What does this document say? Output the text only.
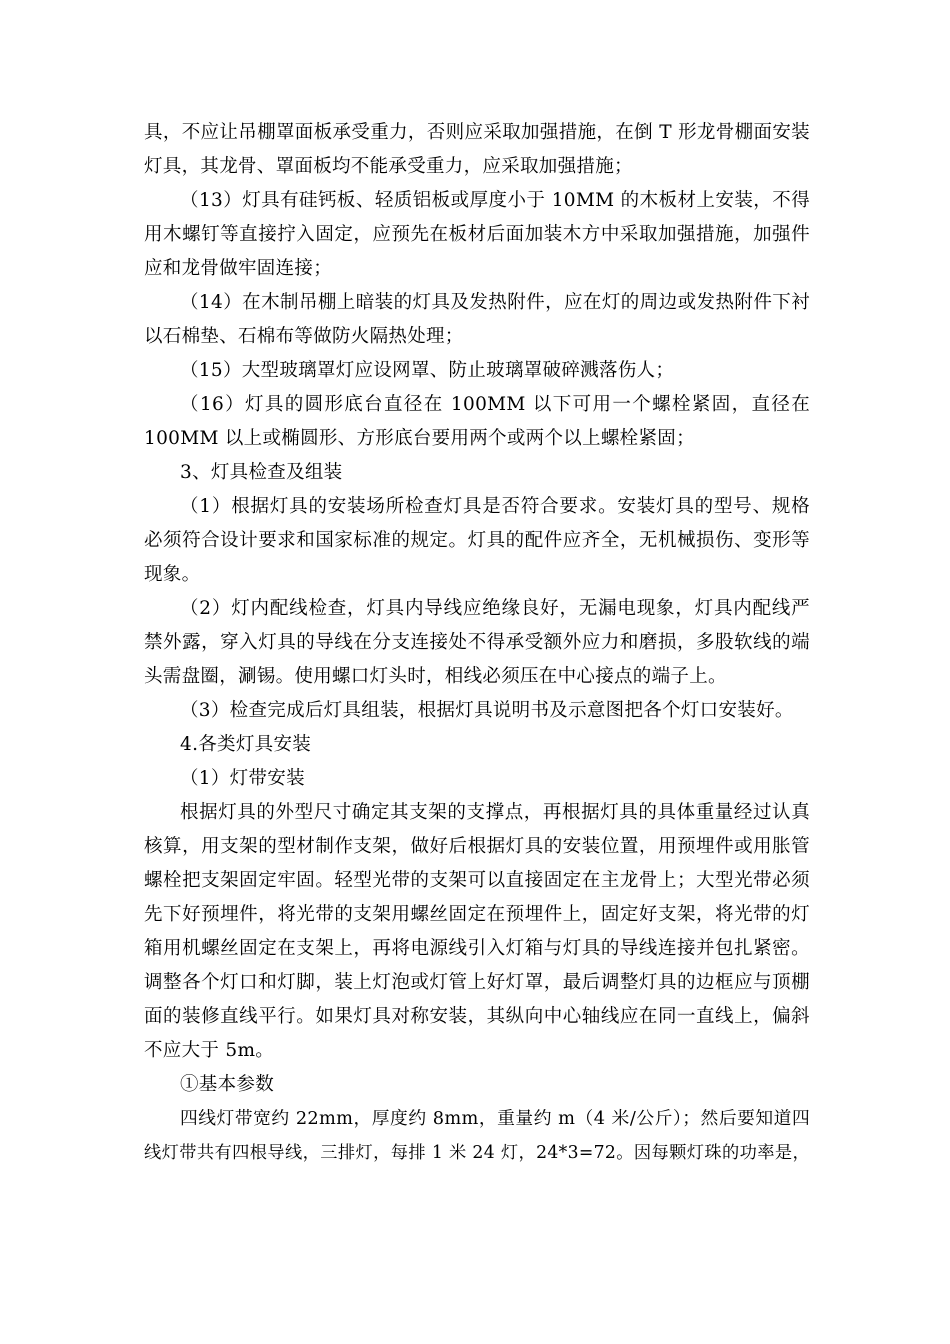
具，不应让吊棚罩面板承受重力，否则应采取加强措施，在倒 T 形龙骨棚面安装
灯具，其龙骨、罩面板均不能承受重力，应采取加强措施；
（13）灯具有硅钙板、轻质铝板或厚度小于 10MM 的木板材上安装，不得
用木螺钉等直接拧入固定，应预先在板材后面加装木方中采取加强措施，加强件
应和龙骨做牢固连接；
（14）在木制吊棚上暗装的灯具及发热附件，应在灯的周边或发热附件下衬
以石棉垫、石棉布等做防火隔热处理；
（15）大型玻璃罩灯应设网罩、防止玻璃罩破碎溅落伤人；
（16）灯具的圆形底台直径在 100MM 以下可用一个螺栓紧固，直径在
100MM 以上或椭圆形、方形底台要用两个或两个以上螺栓紧固；
3、灯具检查及组装
（1）根据灯具的安装场所检查灯具是否符合要求。安装灯具的型号、规格
必须符合设计要求和国家标准的规定。灯具的配件应齐全，无机械损伤、变形等
现象。
（2）灯内配线检查，灯具内导线应绝缘良好，无漏电现象，灯具内配线严
禁外露，穿入灯具的导线在分支连接处不得承受额外应力和磨损，多股软线的端
头需盘圈，涮锡。使用螺口灯头时，相线必须压在中心接点的端子上。
（3）检查完成后灯具组装，根据灯具说明书及示意图把各个灯口安装好。
4.各类灯具安装
（1）灯带安装
根据灯具的外型尺寸确定其支架的支撑点，再根据灯具的具体重量经过认真
核算，用支架的型材制作支架，做好后根据灯具的安装位置，用预埋件或用胀管
螺栓把支架固定牢固。轻型光带的支架可以直接固定在主龙骨上；大型光带必须
先下好预埋件，将光带的支架用螺丝固定在预埋件上，固定好支架，将光带的灯
箱用机螺丝固定在支架上，再将电源线引入灯箱与灯具的导线连接并包扎紧密。
调整各个灯口和灯脚，装上灯泡或灯管上好灯罩，最后调整灯具的边框应与顶棚
面的装修直线平行。如果灯具对称安装，其纵向中心轴线应在同一直线上，偏斜
不应大于 5m。
①基本参数
四线灯带宽约 22mm，厚度约 8mm，重量约 m（4 米/公斤）；然后要知道四
线灯带共有四根导线，三排灯，每排 1 米 24 灯，24*3=72。因每颗灯珠的功率是，
